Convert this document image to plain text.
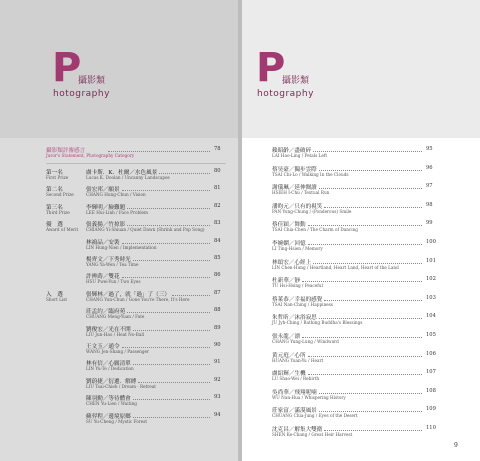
P
攝影類
hotography
P
攝影類
hotography
攝影類評審感言	78
Juror's Statement, Photography Category
第一名
First Prize
盧卡斯．K．杜爾／水色風景
Lucas K. Doolan / Uncanny Landscapes
80
第二名
Second Prize
張宏邦／願景
CHANG Hung-Chun / Vision
81
第三名
Third Prize
李輝明／臉難題
LEE Hui-Linh / Face Problem
82
優　選
Award of Merit
張義揚／竹掠影
CHIANG Yi-Shiuan / Quiet Dawn (Shrink and Pop Song)
83
林鴻品／安裝
LIN Hung-Nien / Implementation
84
楊齊文／下秀時光
YANG Ya-Wen / Tea Time
85
許辨蒔／雙花
HSU Pwei-Yun / Two Eyes
86
入　選
Short List
張輝林／過了，就「過」了（三）
CHANG Yun-Chun / Gone You're There, It's Here
87
莊孟約／臨府苑
CHUANG Meng-Yuan / Fate
88
劉俊宏／光在不開
LIU Jun-Hao / Heat No-Ball
89
王文玉／通令
WANG Jen-Shang / Passenger
90
林有信／心願清單
LIN Yu-Te / Dedication
91
劉蔚捷／衍遷．解縛
LIU Tsai-Chieh / Dream · Retreat
92
陳羽勳／等待體會
CHEN Yu-Lien / Waiting
93
蘇羿程／邊境原鄉
SU Yu-Cheng / Mystic Forest
94
賴昭齡／盡破碎
LAI Hao-Ling / Petals Left
95
蔡昊豪／獨步雲際
TSAI Chi-Lo / Walking In the Clouds
96
謝儀珮／延伸閱讀
HSIEH I-Chu / Textual Run
97
潘昀元／只有的視笑
PAN Yung-Chung / (Ponderous) Smile
98
蔡佳穎／舞動
TSAI Chia-Chen / The Charm of Dancing
99
李婉嫻／回憶
LI Ting-Hsien / Memory
100
林頌宏／心經上
LIN Chen-Hung / Heartland, Heart Land, Heart of the Land
101
杜新華／靜
TU Hsi-Hsing / Peaceful
102
蔡萊恭／幸福的感覺
TSAI Nan-Ching / Happiness
103
朱哲昕／沐浴寂思
JU Jyh-Ching / Bathing Buddha's Blessings
104
張永龍／漂
CHANG Yung-Lung / Windward
105
黃元庭／心所
HUANG Yuan-Yu / Heart
106
盧紹輝／生機
LU Shao-Wei / Rebirth
107
吳尚華／飛翔呢喃
WU Nan-Hua / Whispering History
108
莊家富／滿漠風景
CHUANG Chia-Jung / Eyes of the Desert
109
沈克昌／解集大雙衛
SHEN Ke-Chang / Great Heir Harvest
110
9
